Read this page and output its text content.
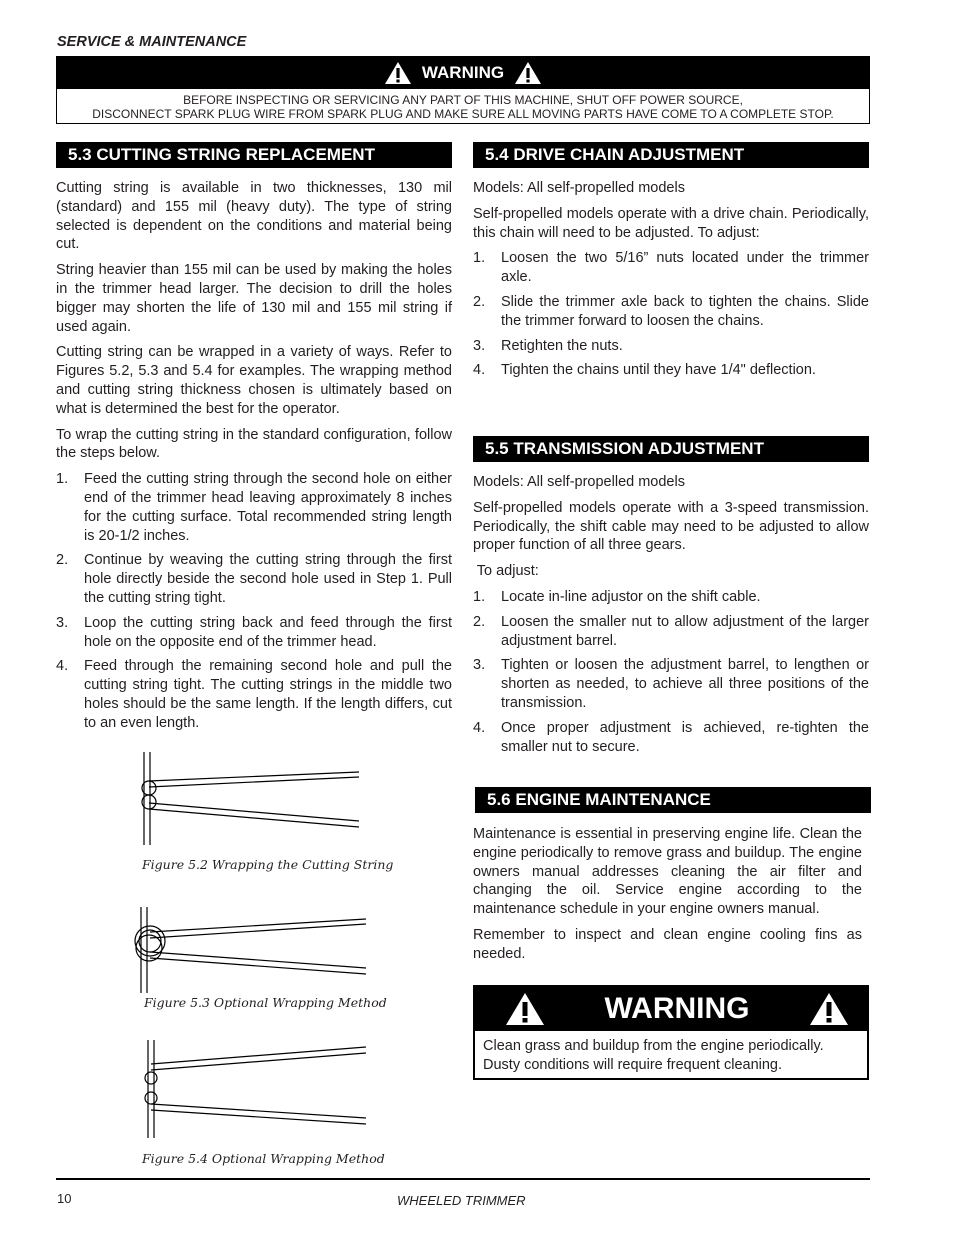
SERVICE & MAINTENANCE
WARNING
BEFORE INSPECTING OR SERVICING ANY PART OF THIS MACHINE, SHUT OFF POWER SOURCE,
DISCONNECT SPARK PLUG WIRE FROM SPARK PLUG AND MAKE SURE ALL MOVING PARTS HAVE COME TO A COMPLETE STOP.
5.3 CUTTING STRING REPLACEMENT

Cutting string is available in two thicknesses, 130 mil (standard) and 155 mil (heavy duty). The type of string selected is dependent on the conditions and material being cut.

String heavier than 155 mil can be used by making the holes in the trimmer head larger. The decision to drill the holes bigger may shorten the life of 130 mil and 155 mil string if used again.

Cutting string can be wrapped in a variety of ways. Refer to Figures 5.2, 5.3 and 5.4 for examples. The wrapping method and cutting string thickness chosen is ultimately based on what is determined the best for the operator.

To wrap the cutting string in the standard configuration, follow the steps below.

1. Feed the cutting string through the second hole on either end of the trimmer head leaving approximately 8 inches for the cutting surface. Total recommended string length is 20-1/2 inches.
2. Continue by weaving the cutting string through the first hole directly beside the second hole used in Step 1. Pull the cutting string tight.
3. Loop the cutting string back and feed through the first hole on the opposite end of the trimmer head.
4. Feed through the remaining second hole and pull the cutting string tight. The cutting strings in the middle two holes should be the same length. If the length differs, cut to an even length.
Figure 5.2 Wrapping the Cutting String
Figure 5.3 Optional Wrapping Method
Figure 5.4 Optional Wrapping Method
5.4 DRIVE CHAIN ADJUSTMENT

Models: All self-propelled models

Self-propelled models operate with a drive chain. Periodically, this chain will need to be adjusted. To adjust:

1. Loosen the two 5/16” nuts located under the trimmer axle.
2. Slide the trimmer axle back to tighten the chains. Slide the trimmer forward to loosen the chains.
3. Retighten the nuts.
4. Tighten the chains until they have 1/4" deflection.
5.5 TRANSMISSION ADJUSTMENT

Models: All self-propelled models

Self-propelled models operate with a 3-speed transmission. Periodically, the shift cable may need to be adjusted to allow proper function of all three gears.

To adjust:

1. Locate in-line adjustor on the shift cable.
2. Loosen the smaller nut to allow adjustment of the larger adjustment barrel.
3. Tighten or loosen the adjustment barrel, to lengthen or shorten as needed, to achieve all three positions of the transmission.
4. Once proper adjustment is achieved, re-tighten the smaller nut to secure.
5.6 ENGINE MAINTENANCE

Maintenance is essential in preserving engine life. Clean the engine periodically to remove grass and buildup. The engine owners manual addresses cleaning the air filter and changing the oil. Service engine according to the maintenance schedule in your engine owners manual.

Remember to inspect and clean engine cooling fins as needed.

WARNING
Clean grass and buildup from the engine periodically. Dusty conditions will require frequent cleaning.
10	WHEELED TRIMMER
